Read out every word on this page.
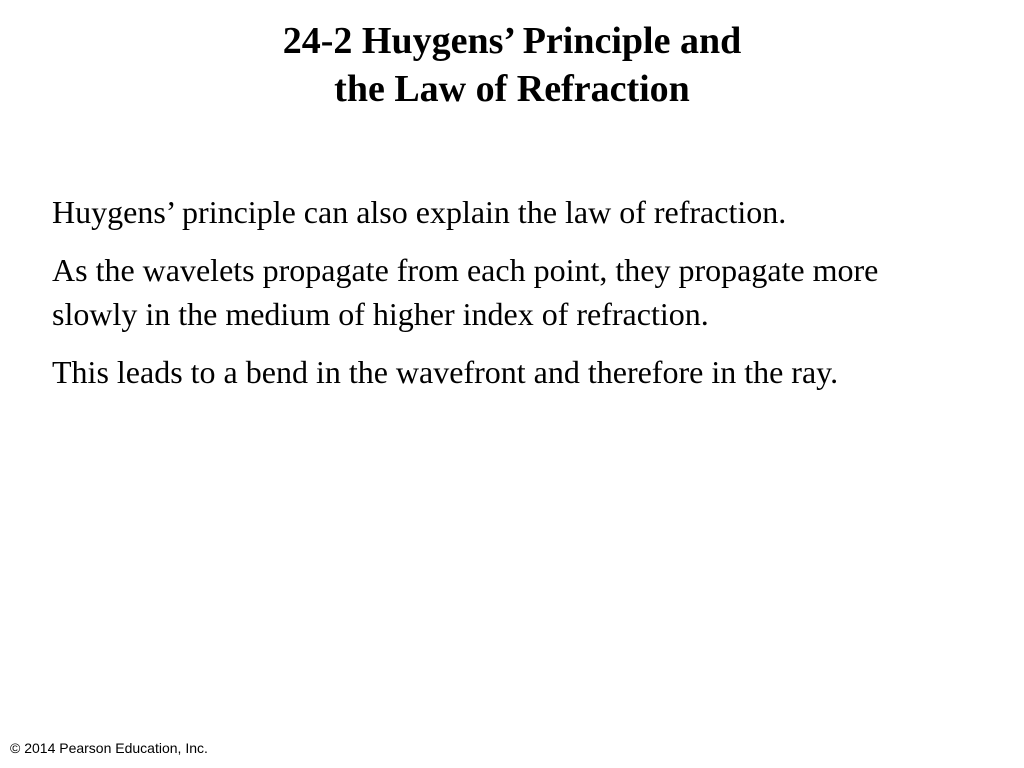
24-2 Huygens’ Principle and
the Law of Refraction

Huygens’ principle can also explain the law of refraction.

As the wavelets propagate from each point, they propagate more slowly in the medium of higher index of refraction.

This leads to a bend in the wavefront and therefore in the ray.

© 2014 Pearson Education, Inc.
